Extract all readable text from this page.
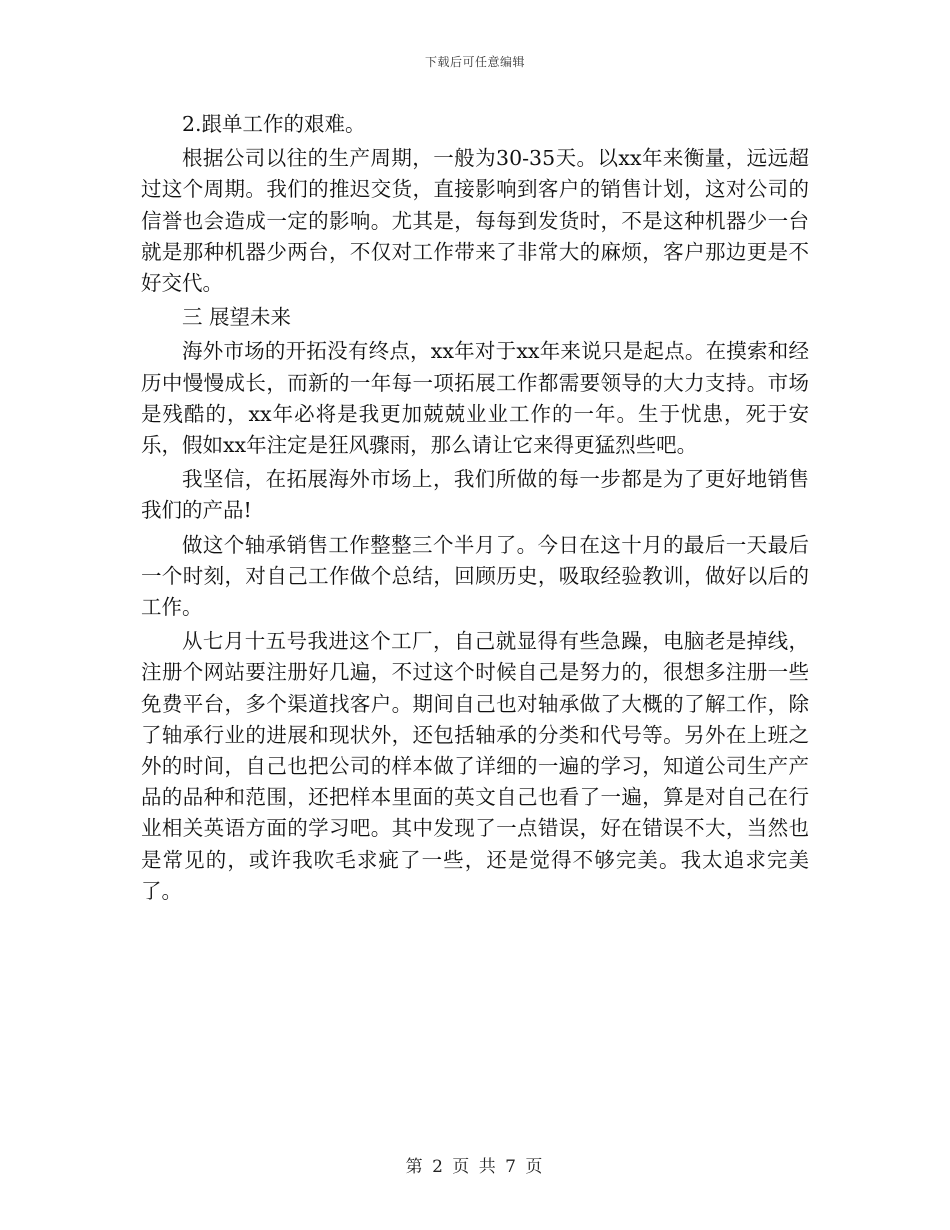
下载后可任意编辑

2.跟单工作的艰难。

根据公司以往的生产周期，一般为30-35天。以xx年来衡量，远远超过这个周期。我们的推迟交货，直接影响到客户的销售计划，这对公司的信誉也会造成一定的影响。尤其是，每每到发货时，不是这种机器少一台就是那种机器少两台，不仅对工作带来了非常大的麻烦，客户那边更是不好交代。

三 展望未来

海外市场的开拓没有终点，xx年对于xx年来说只是起点。在摸索和经历中慢慢成长，而新的一年每一项拓展工作都需要领导的大力支持。市场是残酷的，xx年必将是我更加兢兢业业工作的一年。生于忧患，死于安乐，假如xx年注定是狂风骤雨，那么请让它来得更猛烈些吧。

我坚信，在拓展海外市场上，我们所做的每一步都是为了更好地销售我们的产品!

做这个轴承销售工作整整三个半月了。今日在这十月的最后一天最后一个时刻，对自己工作做个总结，回顾历史，吸取经验教训，做好以后的工作。

从七月十五号我进这个工厂，自己就显得有些急躁，电脑老是掉线，注册个网站要注册好几遍，不过这个时候自己是努力的，很想多注册一些免费平台，多个渠道找客户。期间自己也对轴承做了大概的了解工作，除了轴承行业的进展和现状外，还包括轴承的分类和代号等。另外在上班之外的时间，自己也把公司的样本做了详细的一遍的学习，知道公司生产产品的品种和范围，还把样本里面的英文自己也看了一遍，算是对自己在行业相关英语方面的学习吧。其中发现了一点错误，好在错误不大，当然也是常见的，或许我吹毛求疵了一些，还是觉得不够完美。我太追求完美了。

第 2 页 共 7 页
